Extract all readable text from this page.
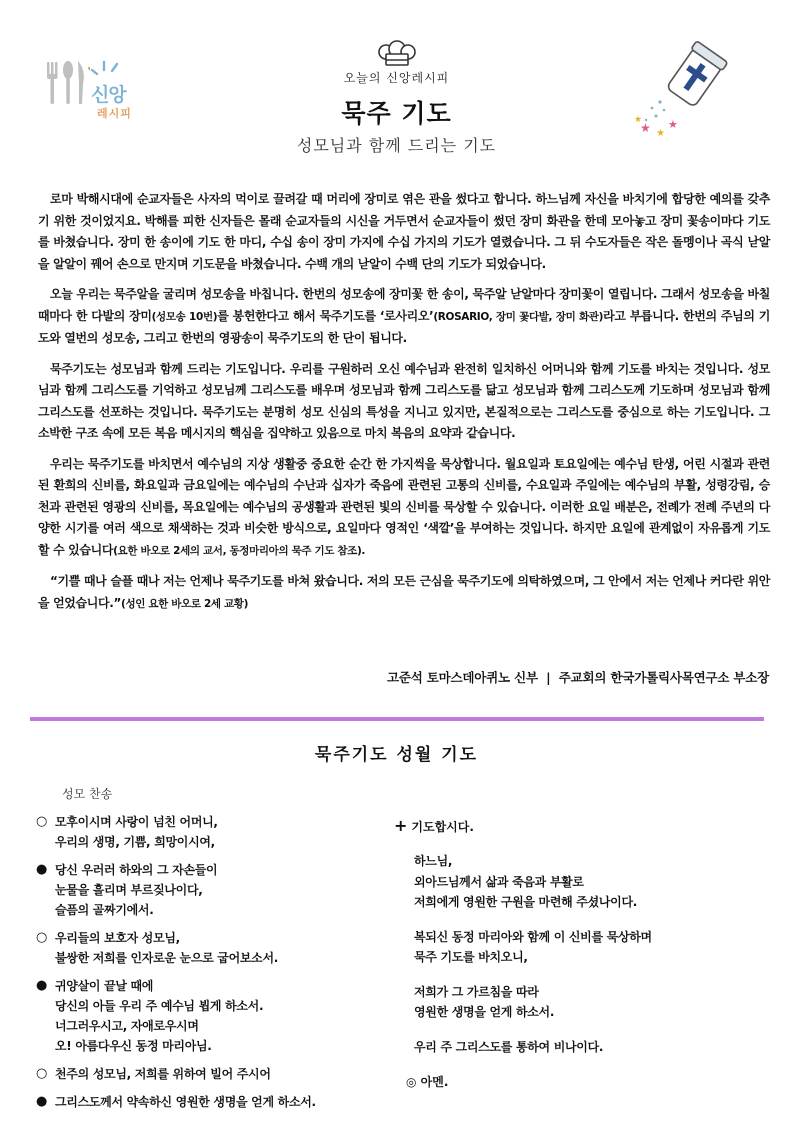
신앙
레시피
오늘의 신앙레시피
묵주 기도
성모님과 함께 드리는 기도
★ ★
★
★

로마 박해시대에 순교자들은 사자의 먹이로 끌려갈 때 머리에 장미로 엮은 관을 썼다고 합니다. 하느님께 자신을 바치기에 합당한 예의를 갖추기 위한 것이었지요. 박해를 피한 신자들은 몰래 순교자들의 시신을 거두면서 순교자들이 썼던 장미 화관을 한데 모아놓고 장미 꽃송이마다 기도를 바쳤습니다. 장미 한 송이에 기도 한 마디, 수십 송이 장미 가지에 수십 가지의 기도가 열렸습니다. 그 뒤 수도자들은 작은 돌멩이나 곡식 낟알을 알알이 꿰어 손으로 만지며 기도문을 바쳤습니다. 수백 개의 낟알이 수백 단의 기도가 되었습니다.

오늘 우리는 묵주알을 굴리며 성모송을 바칩니다. 한번의 성모송에 장미꽃 한 송이, 묵주알 낟알마다 장미꽃이 열립니다. 그래서 성모송을 바칠 때마다 한 다발의 장미(성모송 10번)를 봉헌한다고 해서 묵주기도를 ‘로사리오’(ROSARIO, 장미 꽃다발, 장미 화관)라고 부릅니다. 한번의 주님의 기도와 열번의 성모송, 그리고 한번의 영광송이 묵주기도의 한 단이 됩니다.

묵주기도는 성모님과 함께 드리는 기도입니다. 우리를 구원하러 오신 예수님과 완전히 일치하신 어머니와 함께 기도를 바치는 것입니다. 성모님과 함께 그리스도를 기억하고 성모님께 그리스도를 배우며 성모님과 함께 그리스도를 닮고 성모님과 함께 그리스도께 기도하며 성모님과 함께 그리스도를 선포하는 것입니다. 묵주기도는 분명히 성모 신심의 특성을 지니고 있지만, 본질적으로는 그리스도를 중심으로 하는 기도입니다. 그 소박한 구조 속에 모든 복음 메시지의 핵심을 집약하고 있음으로 마치 복음의 요약과 같습니다.

우리는 묵주기도를 바치면서 예수님의 지상 생활중 중요한 순간 한 가지씩을 묵상합니다. 월요일과 토요일에는 예수님 탄생, 어린 시절과 관련된 환희의 신비를, 화요일과 금요일에는 예수님의 수난과 십자가 죽음에 관련된 고통의 신비를, 수요일과 주일에는 예수님의 부활, 성령강림, 승천과 관련된 영광의 신비를, 목요일에는 예수님의 공생활과 관련된 빛의 신비를 묵상할 수 있습니다. 이러한 요일 배분은, 전례가 전례 주년의 다양한 시기를 여러 색으로 채색하는 것과 비슷한 방식으로, 요일마다 영적인 ‘색깔’을 부여하는 것입니다. 하지만 요일에 관계없이 자유롭게 기도할 수 있습니다(요한 바오로 2세의 교서, 동정마리아의 묵주 기도 참조).

“기쁠 때나 슬플 때나 저는 언제나 묵주기도를 바쳐 왔습니다. 저의 모든 근심을 묵주기도에 의탁하였으며, 그 안에서 저는 언제나 커다란 위안을 얻었습니다.”(성인 요한 바오로 2세 교황)

고준석 토마스데아퀴노 신부  |  주교회의 한국가톨릭사목연구소 부소장
묵주기도 성월 기도
성모 찬송
○ 모후이시며 사랑이 넘친 어머니,
우리의 생명, 기쁨, 희망이시여,
● 당신 우러러 하와의 그 자손들이
눈물을 흘리며 부르짖나이다,
슬픔의 골짜기에서.
○ 우리들의 보호자 성모님,
불쌍한 저희를 인자로운 눈으로 굽어보소서.
● 귀양살이 끝날 때에
당신의 아들 우리 주 예수님 뵙게 하소서.
너그러우시고, 자애로우시며
오! 아름다우신 동정 마리아님.
○ 천주의 성모님, 저희를 위하여 빌어 주시어
● 그리스도께서 약속하신 영원한 생명을 얻게 하소서.
+ 기도합시다.
하느님,
외아드님께서 삶과 죽음과 부활로
저희에게 영원한 구원을 마련해 주셨나이다.
복되신 동정 마리아와 함께 이 신비를 묵상하며
묵주 기도를 바치오니,
저희가 그 가르침을 따라
영원한 생명을 얻게 하소서.
우리 주 그리스도를 통하여 비나이다.
◎ 아멘.
